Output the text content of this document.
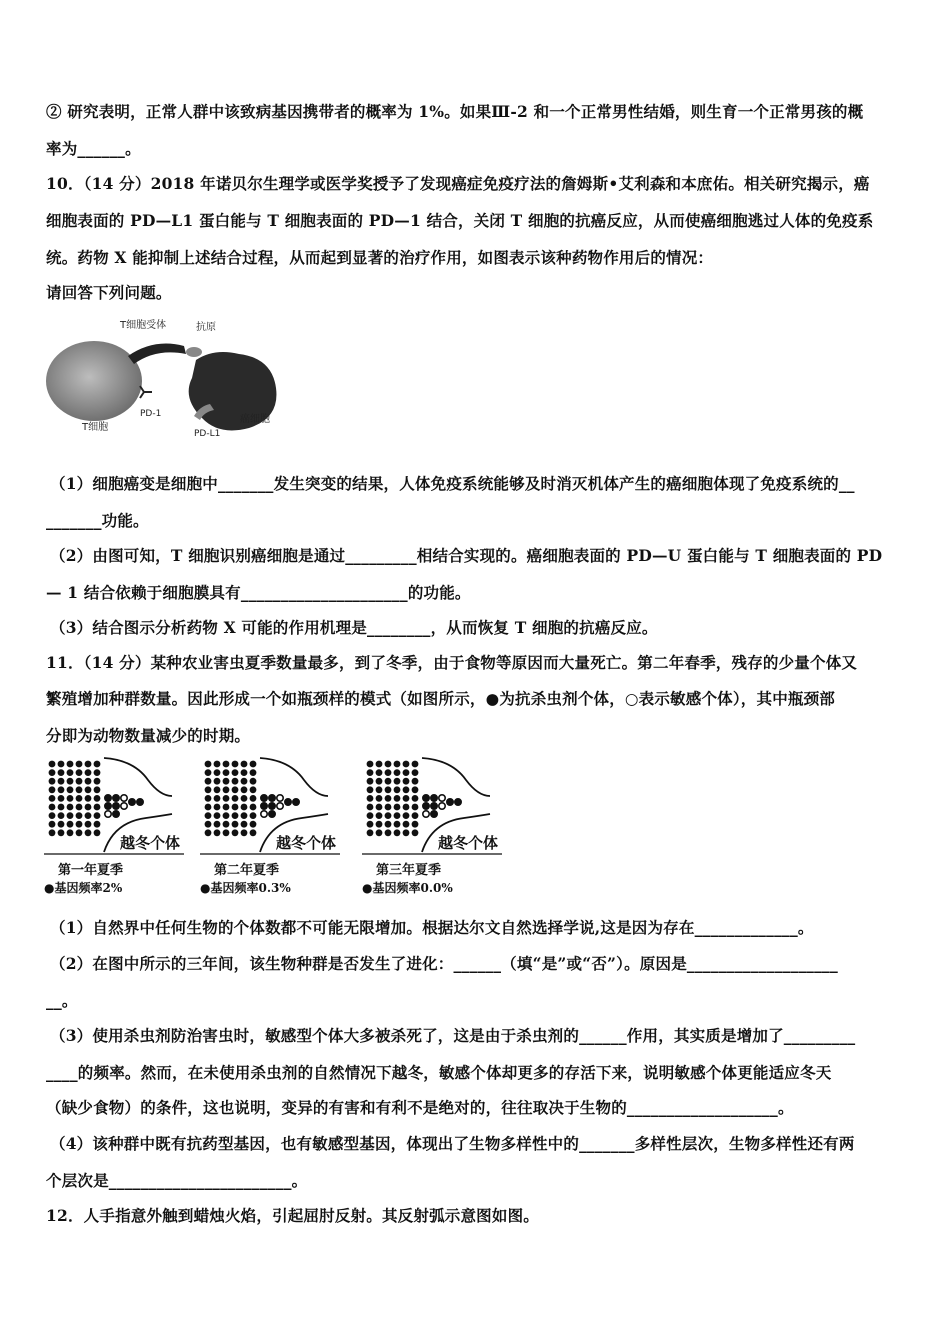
② 研究表明，正常人群中该致病基因携带者的概率为 1%。如果Ⅲ-2 和一个正常男性结婚，则生育一个正常男孩的概
率为______。
10．（14 分）2018 年诺贝尔生理学或医学奖授予了发现癌症免疫疗法的詹姆斯•艾利森和本庶佑。相关研究揭示，癌
细胞表面的 PD—L1 蛋白能与 T 细胞表面的 PD—1 结合，关闭 T 细胞的抗癌反应，从而使癌细胞逃过人体的免疫系
统。药物 X 能抑制上述结合过程，从而起到显著的治疗作用，如图表示该种药物作用后的情况：
请回答下列问题。
T细胞受体	抗原
PD-1
T细胞
PD-L1
癌细胞
（1）细胞癌变是细胞中_______发生突变的结果，人体免疫系统能够及时消灭机体产生的癌细胞体现了免疫系统的__
_______功能。
（2）由图可知，T 细胞识别癌细胞是通过_________相结合实现的。癌细胞表面的 PD—U 蛋白能与 T 细胞表面的 PD
— 1 结合依赖于细胞膜具有_____________________的功能。
（3）结合图示分析药物 X 可能的作用机理是________，从而恢复 T 细胞的抗癌反应。
11．（14 分）某种农业害虫夏季数量最多，到了冬季，由于食物等原因而大量死亡。第二年春季，残存的少量个体又
繁殖增加种群数量。因此形成一个如瓶颈样的模式（如图所示，●为抗杀虫剂个体，○表示敏感个体），其中瓶颈部
分即为动物数量减少的时期。
越冬个体
第一年夏季
●基因频率2%
越冬个体
第二年夏季
●基因频率0.3%
越冬个体
第三年夏季
●基因频率0.0%
（1）自然界中任何生物的个体数都不可能无限增加。根据达尔文自然选择学说,这是因为存在_____________。
（2）在图中所示的三年间，该生物种群是否发生了进化：______（填“是”或“否”）。原因是___________________
__。
（3）使用杀虫剂防治害虫时，敏感型个体大多被杀死了，这是由于杀虫剂的______作用，其实质是增加了_________
____的频率。然而，在未使用杀虫剂的自然情况下越冬，敏感个体却更多的存活下来，说明敏感个体更能适应冬天
（缺少食物）的条件，这也说明，变异的有害和有利不是绝对的，往往取决于生物的___________________。
（4）该种群中既有抗药型基因，也有敏感型基因，体现出了生物多样性中的_______多样性层次，生物多样性还有两
个层次是_______________________。
12．人手指意外触到蜡烛火焰，引起屈肘反射。其反射弧示意图如图。
